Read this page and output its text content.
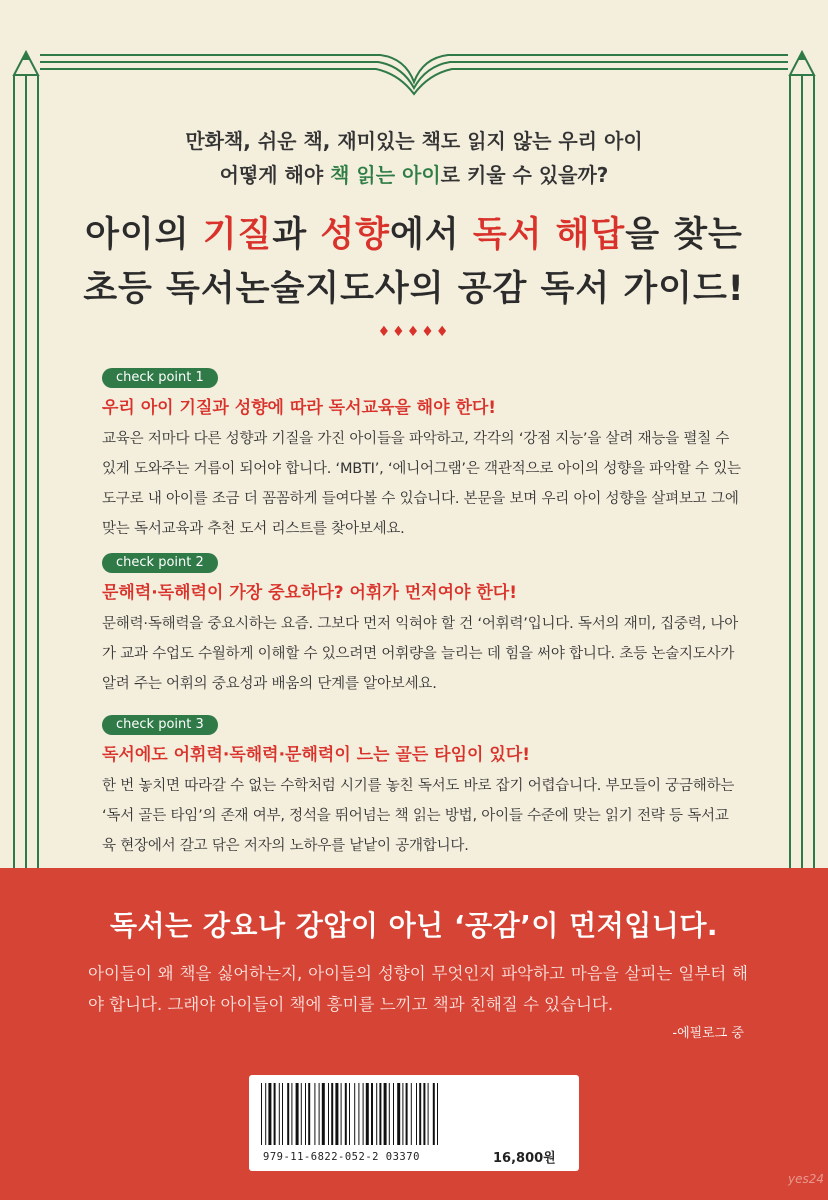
만화책, 쉬운 책, 재미있는 책도 읽지 않는 우리 아이
어떻게 해야 책 읽는 아이로 키울 수 있을까?
아이의 기질과 성향에서 독서 해답을 찾는
초등 독서논술지도사의 공감 독서 가이드!
♦♦♦♦♦
check point 1
우리 아이 기질과 성향에 따라 독서교육을 해야 한다!
교육은 저마다 다른 성향과 기질을 가진 아이들을 파악하고, 각각의 ‘강점 지능’을 살려 재능을 펼칠 수 있게 도와주는 거름이 되어야 합니다. ‘MBTI’, ‘에니어그램’은 객관적으로 아이의 성향을 파악할 수 있는 도구로 내 아이를 조금 더 꼼꼼하게 들여다볼 수 있습니다. 본문을 보며 우리 아이 성향을 살펴보고 그에 맞는 독서교육과 추천 도서 리스트를 찾아보세요.
check point 2
문해력·독해력이 가장 중요하다? 어휘가 먼저여야 한다!
문해력·독해력을 중요시하는 요즘. 그보다 먼저 익혀야 할 건 ‘어휘력’입니다. 독서의 재미, 집중력, 나아가 교과 수업도 수월하게 이해할 수 있으려면 어휘량을 늘리는 데 힘을 써야 합니다. 초등 논술지도사가 알려 주는 어휘의 중요성과 배움의 단계를 알아보세요.
check point 3
독서에도 어휘력·독해력·문해력이 느는 골든 타임이 있다!
한 번 놓치면 따라갈 수 없는 수학처럼 시기를 놓친 독서도 바로 잡기 어렵습니다. 부모들이 궁금해하는 ‘독서 골든 타임’의 존재 여부, 정석을 뛰어넘는 책 읽는 방법, 아이들 수준에 맞는 읽기 전략 등 독서교육 현장에서 갈고 닦은 저자의 노하우를 낱낱이 공개합니다.
독서는 강요나 강압이 아닌 ‘공감’이 먼저입니다.
아이들이 왜 책을 싫어하는지, 아이들의 성향이 무엇인지 파악하고 마음을 살피는 일부터 해야 합니다. 그래야 아이들이 책에 흥미를 느끼고 책과 친해질 수 있습니다.
-에필로그 중
979-11-6822-052-2 03370	16,800원
yes24
